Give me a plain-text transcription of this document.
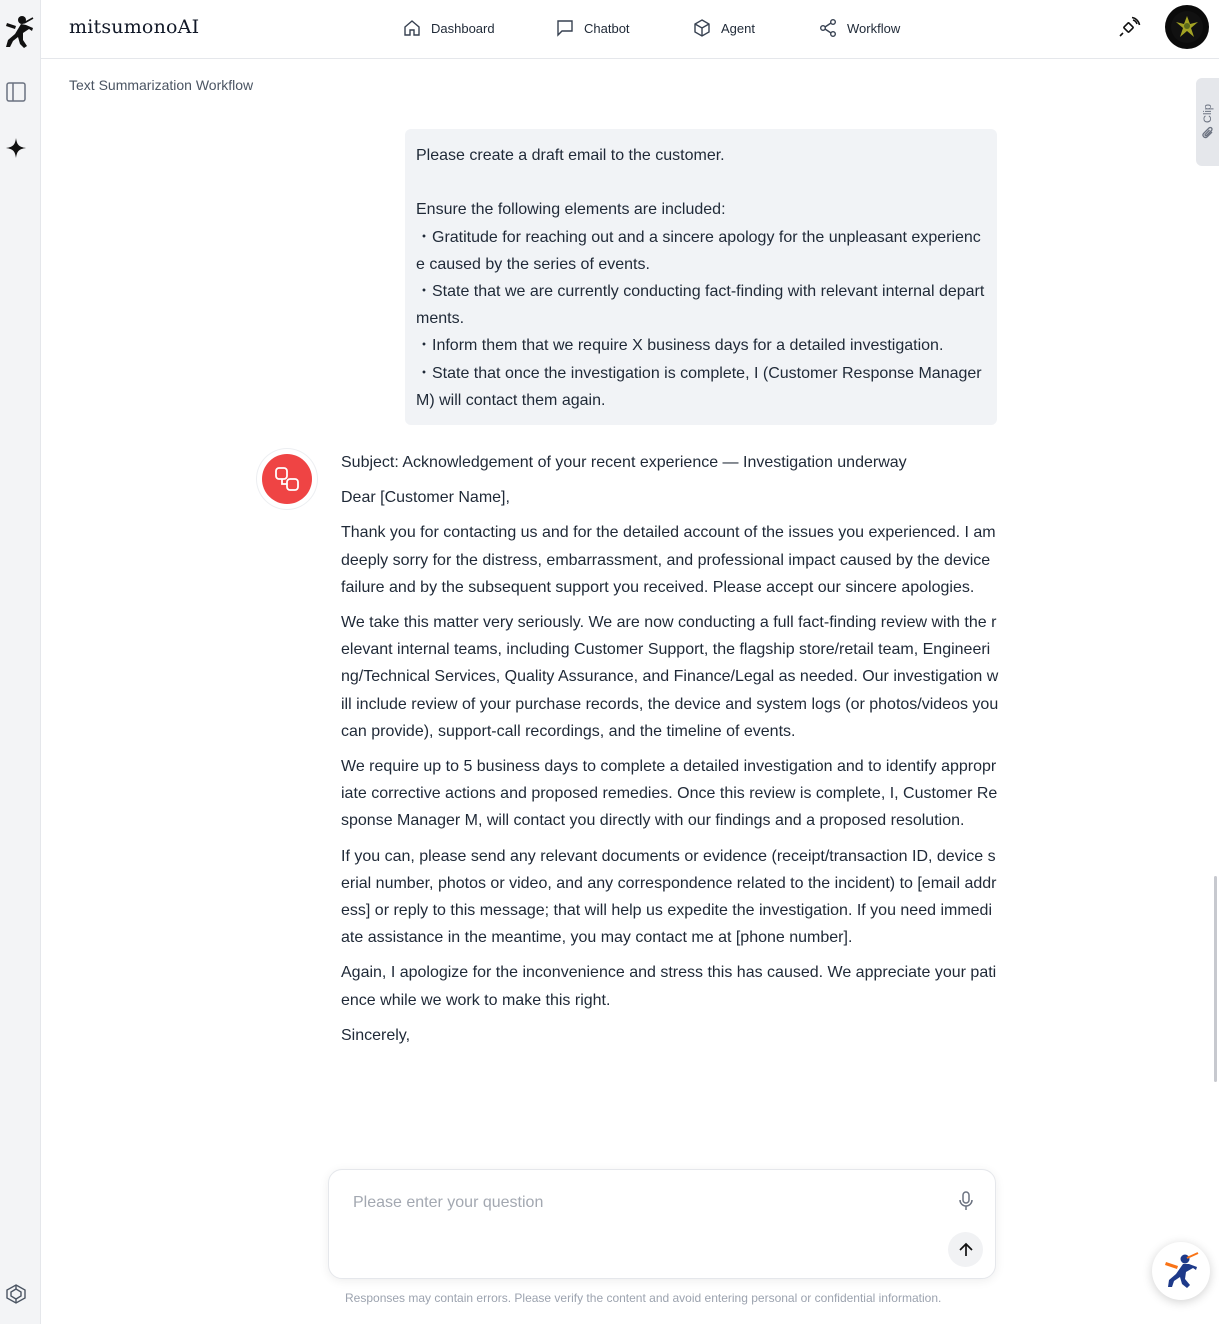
mitsumonoAI	Dashboard	Chatbot	Agent	Workflow
Text Summarization Workflow
Clip

Please create a draft email to the customer.

Ensure the following elements are included:

・Gratitude for reaching out and a sincere apology for the unpleasant experience caused by the series of events.

・State that we are currently conducting fact-finding with relevant internal departments.

・Inform them that we require X business days for a detailed investigation.

・State that once the investigation is complete, I (Customer Response Manager M) will contact them again.

Subject: Acknowledgement of your recent experience — Investigation underway

Dear [Customer Name],

Thank you for contacting us and for the detailed account of the issues you experienced. I am deeply sorry for the distress, embarrassment, and professional impact caused by the device failure and by the subsequent support you received. Please accept our sincere apologies.

We take this matter very seriously. We are now conducting a full fact-finding review with the relevant internal teams, including Customer Support, the flagship store/retail team, Engineering/Technical Services, Quality Assurance, and Finance/Legal as needed. Our investigation will include review of your purchase records, the device and system logs (or photos/videos you can provide), support-call recordings, and the timeline of events.

We require up to 5 business days to complete a detailed investigation and to identify appropriate corrective actions and proposed remedies. Once this review is complete, I, Customer Response Manager M, will contact you directly with our findings and a proposed resolution.

If you can, please send any relevant documents or evidence (receipt/transaction ID, device serial number, photos or video, and any correspondence related to the incident) to [email address] or reply to this message; that will help us expedite the investigation. If you need immediate assistance in the meantime, you may contact me at [phone number].

Again, I apologize for the inconvenience and stress this has caused. We appreciate your patience while we work to make this right.

Sincerely,

Please enter your question
Responses may contain errors. Please verify the content and avoid entering personal or confidential information.
